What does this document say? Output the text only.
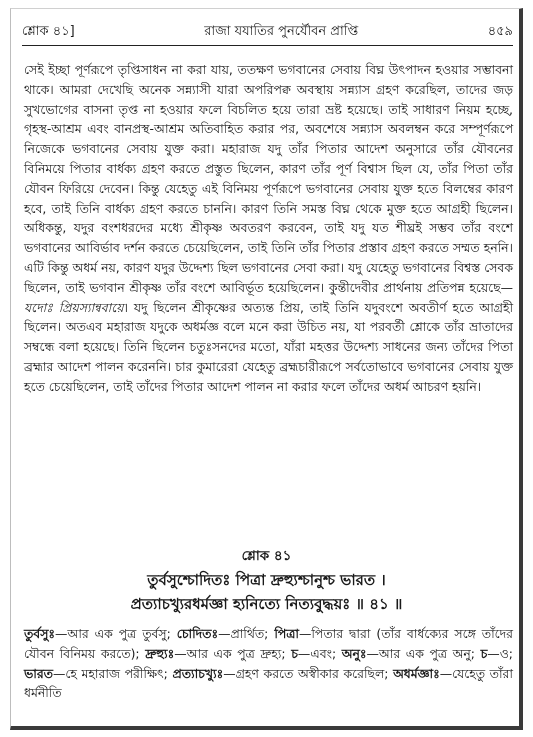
শ্লোক ৪১]	রাজা যযাতির পুনর্যৌবন প্রাপ্তি	৪৫৯

সেই ইচ্ছা পূর্ণরূপে তৃপ্তিসাধন না করা যায়, ততক্ষণ ভগবানের সেবায় বিঘ্ন উৎপাদন হওয়ার সম্ভাবনা থাকে। আমরা দেখেছি অনেক সন্ন্যাসী যারা অপরিপক্ব অবস্থায় সন্ন্যাস গ্রহণ করেছিল, তাদের জড় সুখভোগের বাসনা তৃপ্ত না হওয়ার ফলে বিচলিত হয়ে তারা ভ্রষ্ট হয়েছে। তাই সাধারণ নিয়ম হচ্ছে, গৃহস্থ-আশ্রম এবং বানপ্রস্থ-আশ্রম অতিবাহিত করার পর, অবশেষে সন্ন্যাস অবলম্বন করে সম্পূর্ণরূপে নিজেকে ভগবানের সেবায় যুক্ত করা। মহারাজ যদু তাঁর পিতার আদেশ অনুসারে তাঁর যৌবনের বিনিময়ে পিতার বার্ধক্য গ্রহণ করতে প্রস্তুত ছিলেন, কারণ তাঁর পূর্ণ বিশ্বাস ছিল যে, তাঁর পিতা তাঁর যৌবন ফিরিয়ে দেবেন। কিন্তু যেহেতু এই বিনিময় পূর্ণরূপে ভগবানের সেবায় যুক্ত হতে বিলম্বের কারণ হবে, তাই তিনি বার্ধক্য গ্রহণ করতে চাননি। কারণ তিনি সমস্ত বিঘ্ন থেকে মুক্ত হতে আগ্রহী ছিলেন। অধিকন্তু, যদুর বংশধরদের মধ্যে শ্রীকৃষ্ণ অবতরণ করবেন, তাই যদু যত শীঘ্রই সম্ভব তাঁর বংশে ভগবানের আবির্ভাব দর্শন করতে চেয়েছিলেন, তাই তিনি তাঁর পিতার প্রস্তাব গ্রহণ করতে সম্মত হননি। এটি কিন্তু অধর্ম নয়, কারণ যদুর উদ্দেশ্য ছিল ভগবানের সেবা করা। যদু যেহেতু ভগবানের বিশ্বস্ত সেবক ছিলেন, তাই ভগবান শ্রীকৃষ্ণ তাঁর বংশে আবির্ভূত হয়েছিলেন। কুন্তীদেবীর প্রার্থনায় প্রতিপন্ন হয়েছে—যদোঃ প্রিয়স্যান্ববায়ে। যদু ছিলেন শ্রীকৃষ্ণের অত্যন্ত প্রিয়, তাই তিনি যদুবংশে অবতীর্ণ হতে আগ্রহী ছিলেন। অতএব মহারাজ যদুকে অধর্মজ্ঞ বলে মনে করা উচিত নয়, যা পরবর্তী শ্লোকে তাঁর ভ্রাতাদের সম্বন্ধে বলা হয়েছে। তিনি ছিলেন চতুঃসনদের মতো, যাঁরা মহত্তর উদ্দেশ্য সাধনের জন্য তাঁদের পিতা ব্রহ্মার আদেশ পালন করেননি। চার কুমারেরা যেহেতু ব্রহ্মচারীরূপে সর্বতোভাবে ভগবানের সেবায় যুক্ত হতে চেয়েছিলেন, তাই তাঁদের পিতার আদেশ পালন না করার ফলে তাঁদের অধর্ম আচরণ হয়নি।

শ্লোক ৪১
তুর্বসুশ্চোদিতঃ পিত্রা দ্রুহ্যুশ্চানুশ্চ ভারত ।
প্রত্যাচখ্যুরধর্মজ্ঞা হ্যনিত্যে নিত্যবুদ্ধয়ঃ ॥ ৪১ ॥
তুর্বসুঃ—আর এক পুত্র তুর্বসু; চোদিতঃ—প্রার্থিত; পিত্রা—পিতার দ্বারা (তাঁর বার্ধক্যের সঙ্গে তাঁদের যৌবন বিনিময় করতে); দ্রুহ্যুঃ—আর এক পুত্র দ্রুহ্য; চ—এবং; অনুঃ—আর এক পুত্র অনু; চ—ও; ভারত—হে মহারাজ পরীক্ষিৎ; প্রত্যাচখ্যুঃ—গ্রহণ করতে অস্বীকার করেছিল; অধর্মজ্ঞাঃ—যেহেতু তাঁরা ধর্মনীতি
